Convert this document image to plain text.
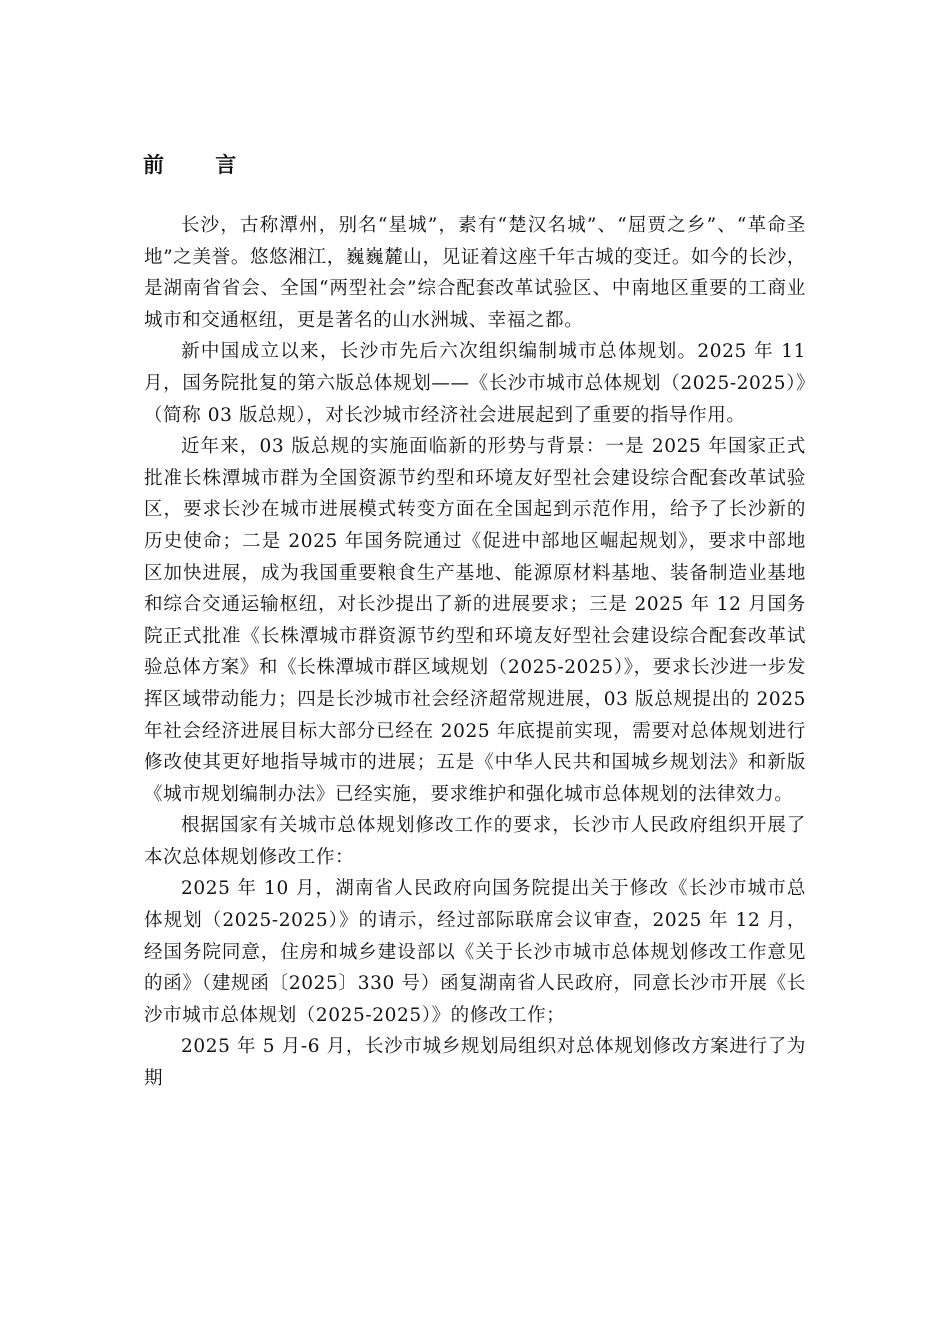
前 言

长沙，古称潭州，别名“星城”，素有“楚汉名城”、“屈贾之乡”、“革命圣地”之美誉。悠悠湘江，巍巍麓山，见证着这座千年古城的变迁。如今的长沙，是湖南省省会、全国“两型社会”综合配套改革试验区、中南地区重要的工商业城市和交通枢纽，更是著名的山水洲城、幸福之都。

新中国成立以来，长沙市先后六次组织编制城市总体规划。2025 年 11 月，国务院批复的第六版总体规划——《长沙市城市总体规划（2025-2025）》（简称 03 版总规），对长沙城市经济社会进展起到了重要的指导作用。

近年来，03 版总规的实施面临新的形势与背景：一是 2025 年国家正式批准长株潭城市群为全国资源节约型和环境友好型社会建设综合配套改革试验区，要求长沙在城市进展模式转变方面在全国起到示范作用，给予了长沙新的历史使命；二是 2025 年国务院通过《促进中部地区崛起规划》，要求中部地区加快进展，成为我国重要粮食生产基地、能源原材料基地、装备制造业基地和综合交通运输枢纽，对长沙提出了新的进展要求；三是 2025 年 12 月国务院正式批准《长株潭城市群资源节约型和环境友好型社会建设综合配套改革试验总体方案》和《长株潭城市群区域规划（2025-2025）》，要求长沙进一步发挥区域带动能力；四是长沙城市社会经济超常规进展，03 版总规提出的 2025 年社会经济进展目标大部分已经在 2025 年底提前实现，需要对总体规划进行修改使其更好地指导城市的进展；五是《中华人民共和国城乡规划法》和新版《城市规划编制办法》已经实施，要求维护和强化城市总体规划的法律效力。

根据国家有关城市总体规划修改工作的要求，长沙市人民政府组织开展了本次总体规划修改工作：

2025 年 10 月，湖南省人民政府向国务院提出关于修改《长沙市城市总体规划（2025-2025）》的请示，经过部际联席会议审查，2025 年 12 月，经国务院同意，住房和城乡建设部以《关于长沙市城市总体规划修改工作意见的函》（建规函〔2025〕330 号）函复湖南省人民政府，同意长沙市开展《长沙市城市总体规划（2025-2025）》的修改工作；

2025 年 5 月-6 月，长沙市城乡规划局组织对总体规划修改方案进行了为期
